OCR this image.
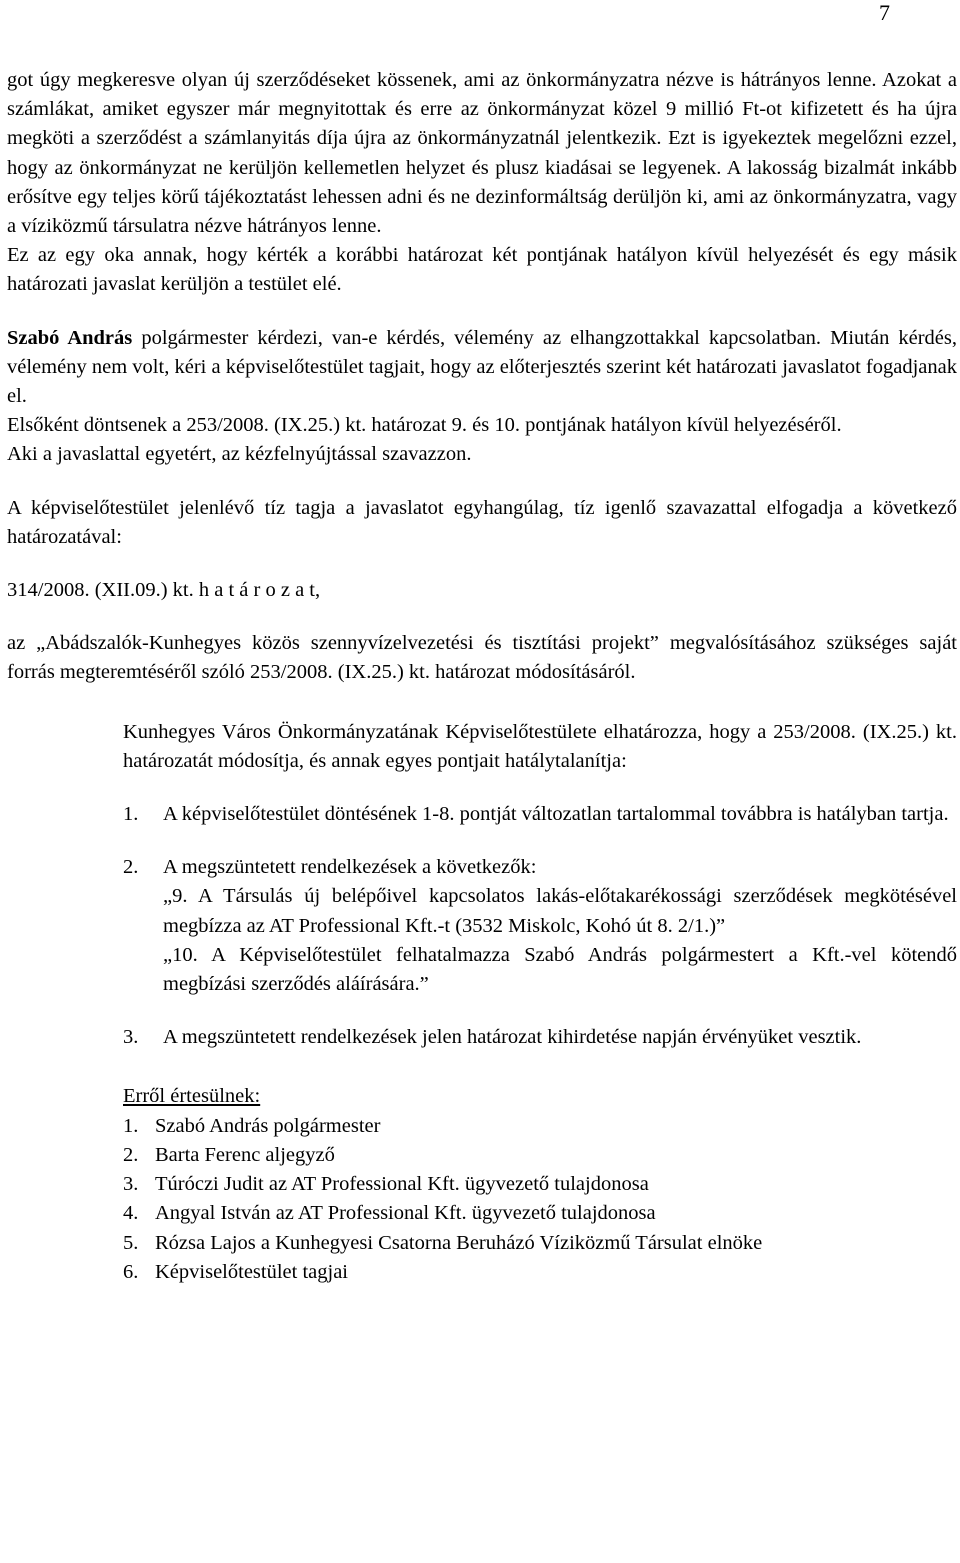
7

got úgy megkeresve olyan új szerződéseket kössenek, ami az önkormányzatra nézve is hátrányos lenne. Azokat a számlákat, amiket egyszer már megnyitottak és erre az önkormányzat közel 9 millió Ft-ot kifizetett és ha újra megköti a szerződést a számlanyitás díja újra az önkormányzatnál jelentkezik. Ezt is igyekeztek megelőzni ezzel, hogy az önkormányzat ne kerüljön kellemetlen helyzet és plusz kiadásai se legyenek. A lakosság bizalmát inkább erősítve egy teljes körű tájékoztatást lehessen adni és ne dezinformáltság derüljön ki, ami az önkormányzatra, vagy a víziközmű társulatra nézve hátrányos lenne.

Ez az egy oka annak, hogy kérték a korábbi határozat két pontjának hatályon kívül helyezését és egy másik határozati javaslat kerüljön a testület elé.

Szabó András polgármester kérdezi, van-e kérdés, vélemény az elhangzottakkal kapcsolatban. Miután kérdés, vélemény nem volt, kéri a képviselőtestület tagjait, hogy az előterjesztés szerint két határozati javaslatot fogadjanak el.

Elsőként döntsenek a 253/2008. (IX.25.) kt. határozat 9. és 10. pontjának hatályon kívül helyezéséről.

Aki a javaslattal egyetért, az kézfelnyújtással szavazzon.

A képviselőtestület jelenlévő tíz tagja a javaslatot egyhangúlag, tíz igenlő szavazattal elfogadja a következő határozatával:

314/2008. (XII.09.) kt. h a t á r o z a t,

az „Abádszalók-Kunhegyes közös szennyvízelvezetési és tisztítási projekt” megvalósításához szükséges saját forrás megteremtéséről szóló 253/2008. (IX.25.) kt. határozat módosításáról.

Kunhegyes Város Önkormányzatának Képviselőtestülete elhatározza, hogy a 253/2008. (IX.25.) kt. határozatát módosítja, és annak egyes pontjait hatálytalanítja:

1.	A képviselőtestület döntésének 1-8. pontját változatlan tartalommal továbbra is hatályban tartja.
2.	A megszüntetett rendelkezések a következők:
„9. A Társulás új belépőivel kapcsolatos lakás-előtakarékossági szerződések megkötésével megbízza az AT Professional Kft.-t (3532 Miskolc, Kohó út 8. 2/1.)”
„10. A Képviselőtestület felhatalmazza Szabó András polgármestert a Kft.-vel kötendő megbízási szerződés aláírására.”
3.	A megszüntetett rendelkezések jelen határozat kihirdetése napján érvényüket vesztik.
Erről értesülnek:
1. Szabó András polgármester
2. Barta Ferenc aljegyző
3. Túróczi Judit az AT Professional Kft. ügyvezető tulajdonosa
4. Angyal István az AT Professional Kft. ügyvezető tulajdonosa
5. Rózsa Lajos a Kunhegyesi Csatorna Beruházó Víziközmű Társulat elnöke
6. Képviselőtestület tagjai
